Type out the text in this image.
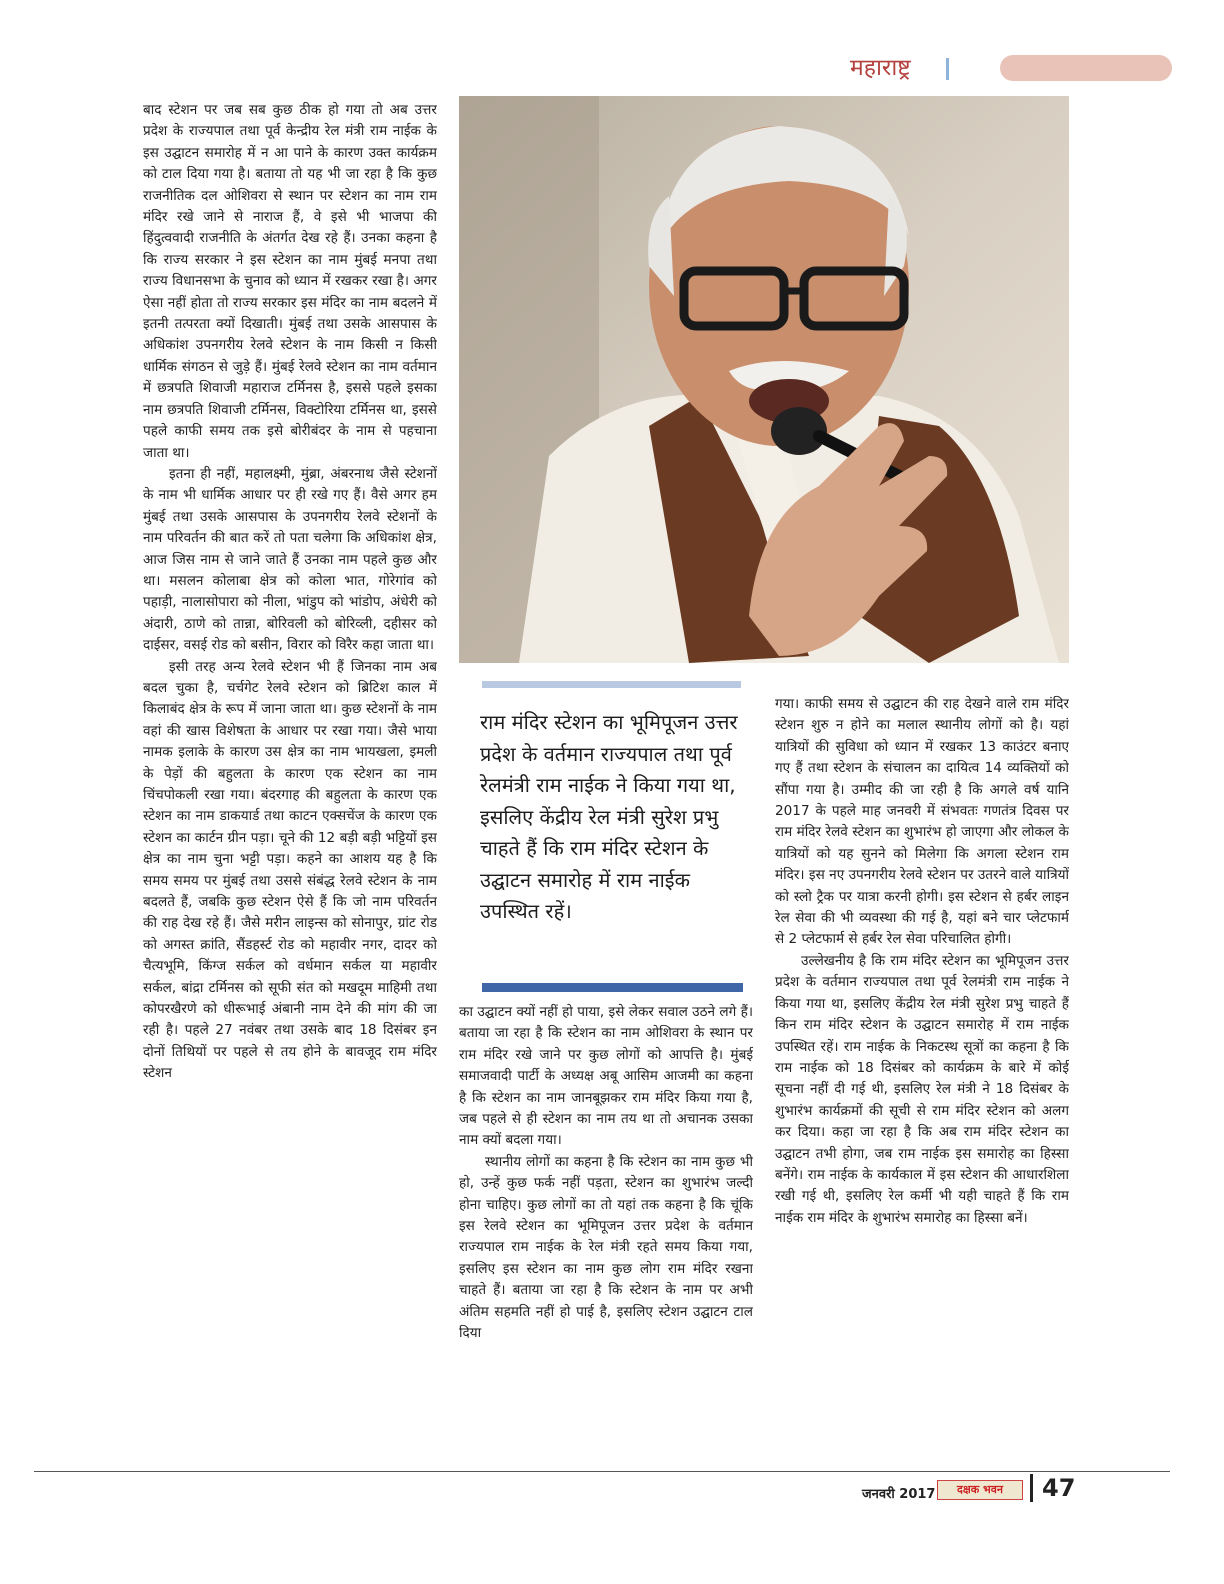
महाराष्ट्र

बाद स्टेशन पर जब सब कुछ ठीक हो गया तो अब उत्तर प्रदेश के राज्यपाल तथा पूर्व केन्द्रीय रेल मंत्री राम नाईक के इस उद्घाटन समारोह में न आ पाने के कारण उक्त कार्यक्रम को टाल दिया गया है। बताया तो यह भी जा रहा है कि कुछ राजनीतिक दल ओशिवरा से स्थान पर स्टेशन का नाम राम मंदिर रखे जाने से नाराज हैं, वे इसे भी भाजपा की हिंदुत्ववादी राजनीति के अंतर्गत देख रहे हैं। उनका कहना है कि राज्य सरकार ने इस स्टेशन का नाम मुंबई मनपा तथा राज्य विधानसभा के चुनाव को ध्यान में रखकर रखा है। अगर ऐसा नहीं होता तो राज्य सरकार इस मंदिर का नाम बदलने में इतनी तत्परता क्यों दिखाती। मुंबई तथा उसके आसपास के अधिकांश उपनगरीय रेलवे स्टेशन के नाम किसी न किसी धार्मिक संगठन से जुड़े हैं। मुंबई रेलवे स्टेशन का नाम वर्तमान में छत्रपति शिवाजी महाराज टर्मिनस है, इससे पहले इसका नाम छत्रपति शिवाजी टर्मिनस, विक्टोरिया टर्मिनस था, इससे पहले काफी समय तक इसे बोरीबंदर के नाम से पहचाना जाता था।

इतना ही नहीं, महालक्ष्मी, मुंब्रा, अंबरनाथ जैसे स्टेशनों के नाम भी धार्मिक आधार पर ही रखे गए हैं। वैसे अगर हम मुंबई तथा उसके आसपास के उपनगरीय रेलवे स्टेशनों के नाम परिवर्तन की बात करें तो पता चलेगा कि अधिकांश क्षेत्र, आज जिस नाम से जाने जाते हैं उनका नाम पहले कुछ और था। मसलन कोलाबा क्षेत्र को कोला भात, गोरेगांव को पहाड़ी, नालासोपारा को नीला, भांडुप को भांडोप, अंधेरी को अंदारी, ठाणे को तान्ना, बोरिवली को बोरिव्ली, दहीसर को दाईसर, वसई रोड को बसीन, विरार को विरैर कहा जाता था।

इसी तरह अन्य रेलवे स्टेशन भी हैं जिनका नाम अब बदल चुका है, चर्चगेट रेलवे स्टेशन को ब्रिटिश काल में किलाबंद क्षेत्र के रूप में जाना जाता था। कुछ स्टेशनों के नाम वहां की खास विशेषता के आधार पर रखा गया। जैसे भाया नामक इलाके के कारण उस क्षेत्र का नाम भायखला, इमली के पेड़ों की बहुलता के कारण एक स्टेशन का नाम चिंचपोकली रखा गया। बंदरगाह की बहुलता के कारण एक स्टेशन का नाम डाकयार्ड तथा काटन एक्सचेंज के कारण एक स्टेशन का कार्टन ग्रीन पड़ा। चूने की 12 बड़ी बड़ी भट्टियों इस क्षेत्र का नाम चुना भट्टी पड़ा। कहने का आशय यह है कि समय समय पर मुंबई तथा उससे संबंद्ध रेलवे स्टेशन के नाम बदलते हैं, जबकि कुछ स्टेशन ऐसे हैं कि जो नाम परिवर्तन की राह देख रहे हैं। जैसे मरीन लाइन्स को सोनापुर, ग्रांट रोड को अगस्त क्रांति, सैंडहर्स्ट रोड को महावीर नगर, दादर को चैत्यभूमि, किंग्ज सर्कल को वर्धमान सर्कल या महावीर सर्कल, बांद्रा टर्मिनस को सूफी संत को मखदूम माहिमी तथा कोपरखैरणे को धीरूभाई अंबानी नाम देने की मांग की जा रही है। पहले 27 नवंबर तथा उसके बाद 18 दिसंबर इन दोनों तिथियों पर पहले से तय होने के बावजूद राम मंदिर स्टेशन

राम मंदिर स्टेशन का भूमिपूजन उत्तर प्रदेश के वर्तमान राज्यपाल तथा पूर्व रेलमंत्री राम नाईक ने किया गया था, इसलिए केंद्रीय रेल मंत्री सुरेश प्रभु चाहते हैं कि राम मंदिर स्टेशन के उद्घाटन समारोह में राम नाईक उपस्थित रहें।

का उद्घाटन क्यों नहीं हो पाया, इसे लेकर सवाल उठने लगे हैं। बताया जा रहा है कि स्टेशन का नाम ओशिवरा के स्थान पर राम मंदिर रखे जाने पर कुछ लोगों को आपत्ति है। मुंबई समाजवादी पार्टी के अध्यक्ष अबू आसिम आजमी का कहना है कि स्टेशन का नाम जानबूझकर राम मंदिर किया गया है, जब पहले से ही स्टेशन का नाम तय था तो अचानक उसका नाम क्यों बदला गया।

स्थानीय लोगों का कहना है कि स्टेशन का नाम कुछ भी हो, उन्हें कुछ फर्क नहीं पड़ता, स्टेशन का शुभारंभ जल्दी होना चाहिए। कुछ लोगों का तो यहां तक कहना है कि चूंकि इस रेलवे स्टेशन का भूमिपूजन उत्तर प्रदेश के वर्तमान राज्यपाल राम नाईक के रेल मंत्री रहते समय किया गया, इसलिए इस स्टेशन का नाम कुछ लोग राम मंदिर रखना चाहते हैं। बताया जा रहा है कि स्टेशन के नाम पर अभी अंतिम सहमति नहीं हो पाई है, इसलिए स्टेशन उद्घाटन टाल दिया

गया। काफी समय से उद्घाटन की राह देखने वाले राम मंदिर स्टेशन शुरु न होने का मलाल स्थानीय लोगों को है। यहां यात्रियों की सुविधा को ध्यान में रखकर 13 काउंटर बनाए गए हैं तथा स्टेशन के संचालन का दायित्व 14 व्यक्तियों को सौंपा गया है। उम्मीद की जा रही है कि अगले वर्ष यानि 2017 के पहले माह जनवरी में संभवतः गणतंत्र दिवस पर राम मंदिर रेलवे स्टेशन का शुभारंभ हो जाएगा और लोकल के यात्रियों को यह सुनने को मिलेगा कि अगला स्टेशन राम मंदिर। इस नए उपनगरीय रेलवे स्टेशन पर उतरने वाले यात्रियों को स्लो ट्रैक पर यात्रा करनी होगी। इस स्टेशन से हर्बर लाइन रेल सेवा की भी व्यवस्था की गई है, यहां बने चार प्लेटफार्म से 2 प्लेटफार्म से हर्बर रेल सेवा परिचालित होगी।

उल्लेखनीय है कि राम मंदिर स्टेशन का भूमिपूजन उत्तर प्रदेश के वर्तमान राज्यपाल तथा पूर्व रेलमंत्री राम नाईक ने किया गया था, इसलिए केंद्रीय रेल मंत्री सुरेश प्रभु चाहते हैं किन राम मंदिर स्टेशन के उद्घाटन समारोह में राम नाईक उपस्थित रहें। राम नाईक के निकटस्थ सूत्रों का कहना है कि राम नाईक को 18 दिसंबर को कार्यक्रम के बारे में कोई सूचना नहीं दी गई थी, इसलिए रेल मंत्री ने 18 दिसंबर के शुभारंभ कार्यक्रमों की सूची से राम मंदिर स्टेशन को अलग कर दिया। कहा जा रहा है कि अब राम मंदिर स्टेशन का उद्घाटन तभी होगा, जब राम नाईक इस समारोह का हिस्सा बनेंगे। राम नाईक के कार्यकाल में इस स्टेशन की आधारशिला रखी गई थी, इसलिए रेल कर्मी भी यही चाहते हैं कि राम नाईक राम मंदिर के शुभारंभ समारोह का हिस्सा बनें।

जनवरी 2017	दक्षक भवन	47
